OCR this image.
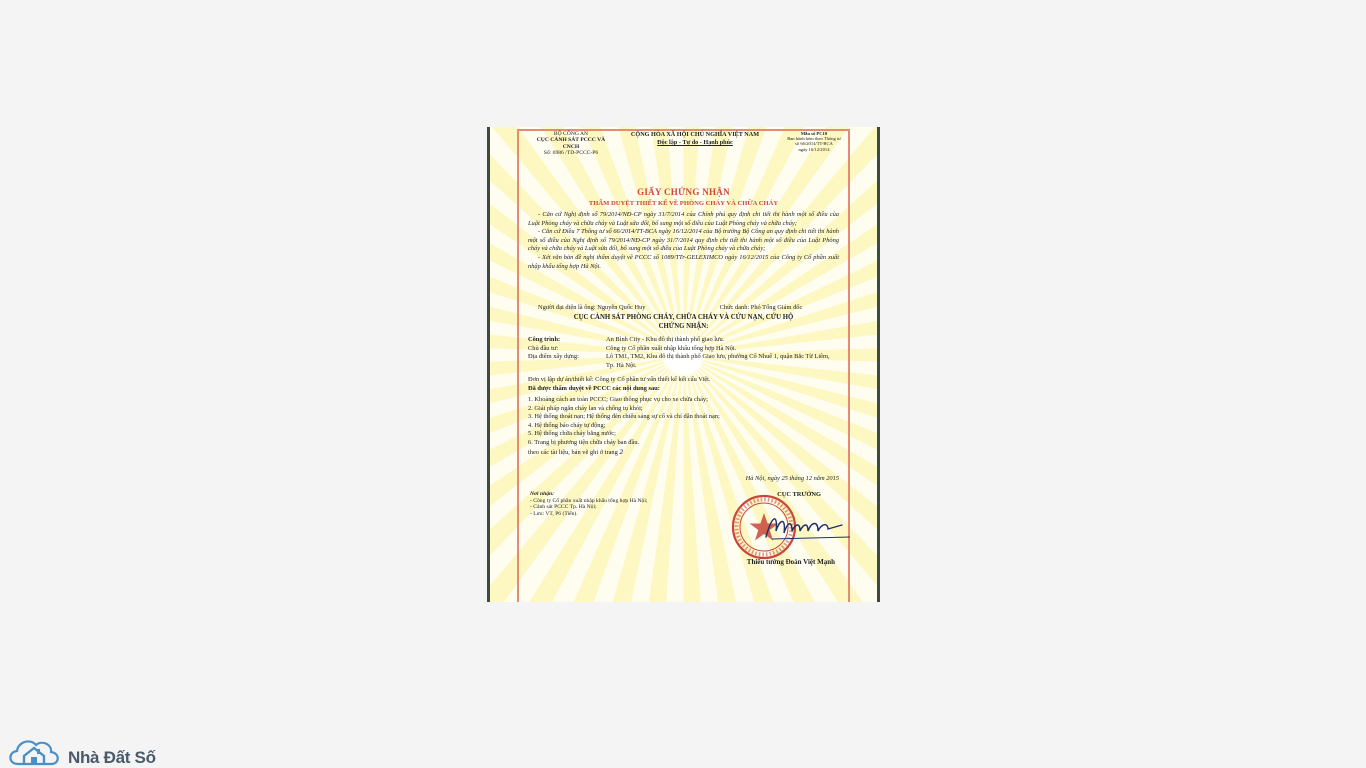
BỘ CÔNG AN
CỤC CẢNH SÁT PCCC VÀ CNCH
Số: 6986 /TD-PCCC-P6
CỘNG HÒA XÃ HỘI CHỦ NGHĨA VIỆT NAM
Độc lập - Tự do - Hạnh phúc
Mẫu số PC10
Ban hành kèm theo Thông tư
số 66/2014/TT-BCA
ngày 16/12/2014
GIẤY CHỨNG NHẬN
THẨM DUYỆT THIẾT KẾ VỀ PHÒNG CHÁY VÀ CHỮA CHÁY

- Căn cứ Nghị định số 79/2014/NĐ-CP ngày 31/7/2014 của Chính phủ quy định chi tiết thi hành một số điều của Luật Phòng cháy và chữa cháy và Luật sửa đổi, bổ sung một số điều của Luật Phòng cháy và chữa cháy;

- Căn cứ Điều 7 Thông tư số 66/2014/TT-BCA ngày 16/12/2014 của Bộ trưởng Bộ Công an quy định chi tiết thi hành một số điều của Nghị định số 79/2014/NĐ-CP ngày 31/7/2014 quy định chi tiết thi hành một số điều của Luật Phòng cháy và chữa cháy và Luật sửa đổi, bổ sung một số điều của Luật Phòng cháy và chữa cháy;

- Xét văn bản đề nghị thẩm duyệt về PCCC số 1089/TTr-GELEXIMCO ngày 16/12/2015 của Công ty Cổ phần xuất nhập khẩu tổng hợp Hà Nội.

Người đại diện là ông: Nguyễn Quốc Huy	Chức danh: Phó Tổng Giám đốc
CỤC CẢNH SÁT PHÒNG CHÁY, CHỮA CHÁY VÀ CỨU NẠN, CỨU HỘ
CHỨNG NHẬN:
Công trình:	An Bình City - Khu đô thị thành phố giao lưu.
Chủ đầu tư:	Công ty Cổ phần xuất nhập khẩu tổng hợp Hà Nội.
Địa điểm xây dựng:	Lô TM1, TM2, Khu đô thị thành phố Giao lưu, phường Cổ Nhuế 1, quận Bắc Từ Liêm, Tp. Hà Nội.
Đơn vị lập dự án/thiết kế: Công ty Cổ phần tư vấn thiết kế kết cấu Việt.
Đã được thẩm duyệt về PCCC các nội dung sau:
1. Khoảng cách an toàn PCCC; Giao thông phục vụ cho xe chữa cháy;
2. Giải pháp ngăn cháy lan và chống tụ khói;
3. Hệ thống thoát nạn; Hệ thống đèn chiếu sáng sự cố và chỉ dẫn thoát nạn;
4. Hệ thống báo cháy tự động;
5. Hệ thống chữa cháy bằng nước;
6. Trang bị phương tiện chữa cháy ban đầu.
theo các tài liệu, bản vẽ ghi ở trang 2
Hà Nội, ngày 25 tháng 12 năm 2015
CỤC TRƯỞNG
Nơi nhận:
- Công ty Cổ phần xuất nhập khẩu tổng hợp Hà Nội;
- Cảnh sát PCCC Tp. Hà Nội;
- Lưu: VT, P6 (Tiến).
Thiếu tướng Đoàn Việt Mạnh
Nhà Đất Số
